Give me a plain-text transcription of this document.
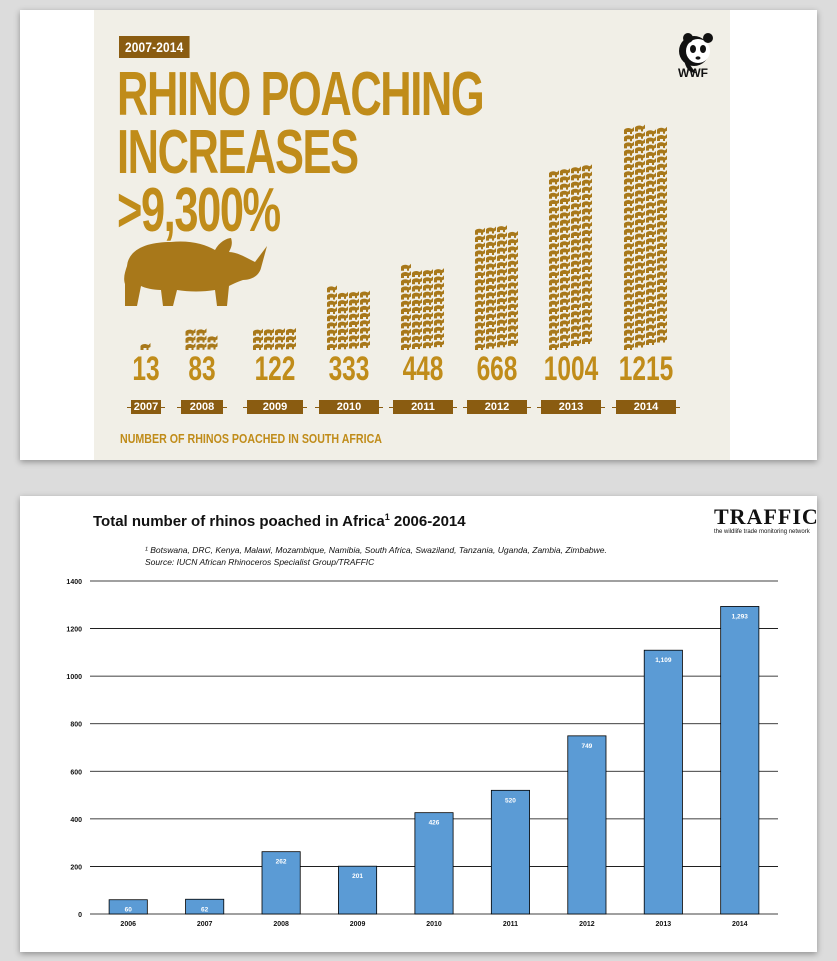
2007-2014
RHINO POACHING
INCREASES
>9,300%
WWF
13
2007
83
2008
122
2009
333
2010
448
2011
668
2012
1004
2013
1215
2014
NUMBER OF RHINOS POACHED IN SOUTH AFRICA
Total number of rhinos poached in Africa$^1$ 2006-2014
¹ Botswana, DRC, Kenya, Malawi, Mozambique, Namibia, South Africa, Swaziland, Tanzania, Uganda, Zambia, Zimbabwe.
Source: IUCN African Rhinoceros Specialist Group/TRAFFIC
TRAFFIC
the wildlife trade monitoring network
0
200
400
600
800
1000
1200
1400
60
2006
62
2007
262
2008
201
2009
426
2010
520
2011
749
2012
1,109
2013
1,293
2014
